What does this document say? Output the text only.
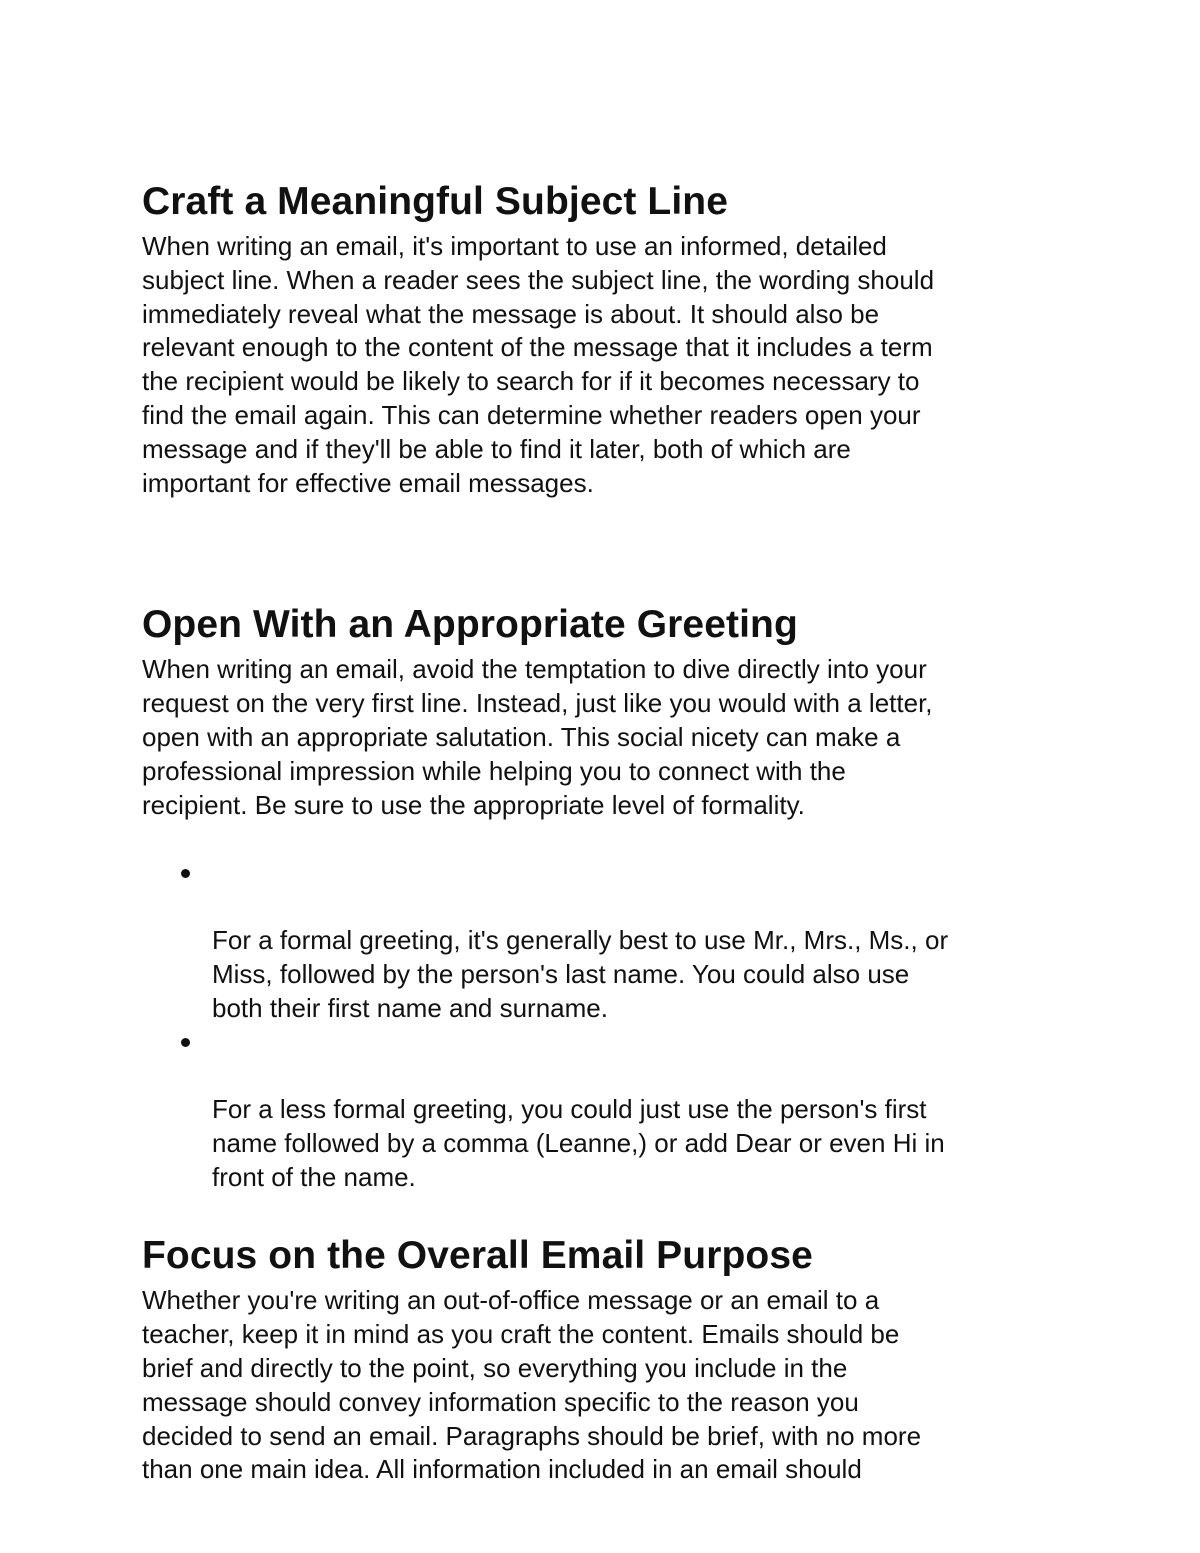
Craft a Meaningful Subject Line

When writing an email, it's important to use an informed, detailed
subject line. When a reader sees the subject line, the wording should
immediately reveal what the message is about. It should also be
relevant enough to the content of the message that it includes a term
the recipient would be likely to search for if it becomes necessary to
find the email again. This can determine whether readers open your
message and if they'll be able to find it later, both of which are
important for effective email messages.

Open With an Appropriate Greeting

When writing an email, avoid the temptation to dive directly into your
request on the very first line. Instead, just like you would with a letter,
open with an appropriate salutation. This social nicety can make a
professional impression while helping you to connect with the
recipient. Be sure to use the appropriate level of formality.

For a formal greeting, it's generally best to use Mr., Mrs., Ms., or
Miss, followed by the person's last name. You could also use
both their first name and surname.

For a less formal greeting, you could just use the person's first
name followed by a comma (Leanne,) or add Dear or even Hi in
front of the name.

Focus on the Overall Email Purpose

Whether you're writing an out-of-office message or an email to a
teacher, keep it in mind as you craft the content. Emails should be
brief and directly to the point, so everything you include in the
message should convey information specific to the reason you
decided to send an email. Paragraphs should be brief, with no more
than one main idea. All information included in an email should
